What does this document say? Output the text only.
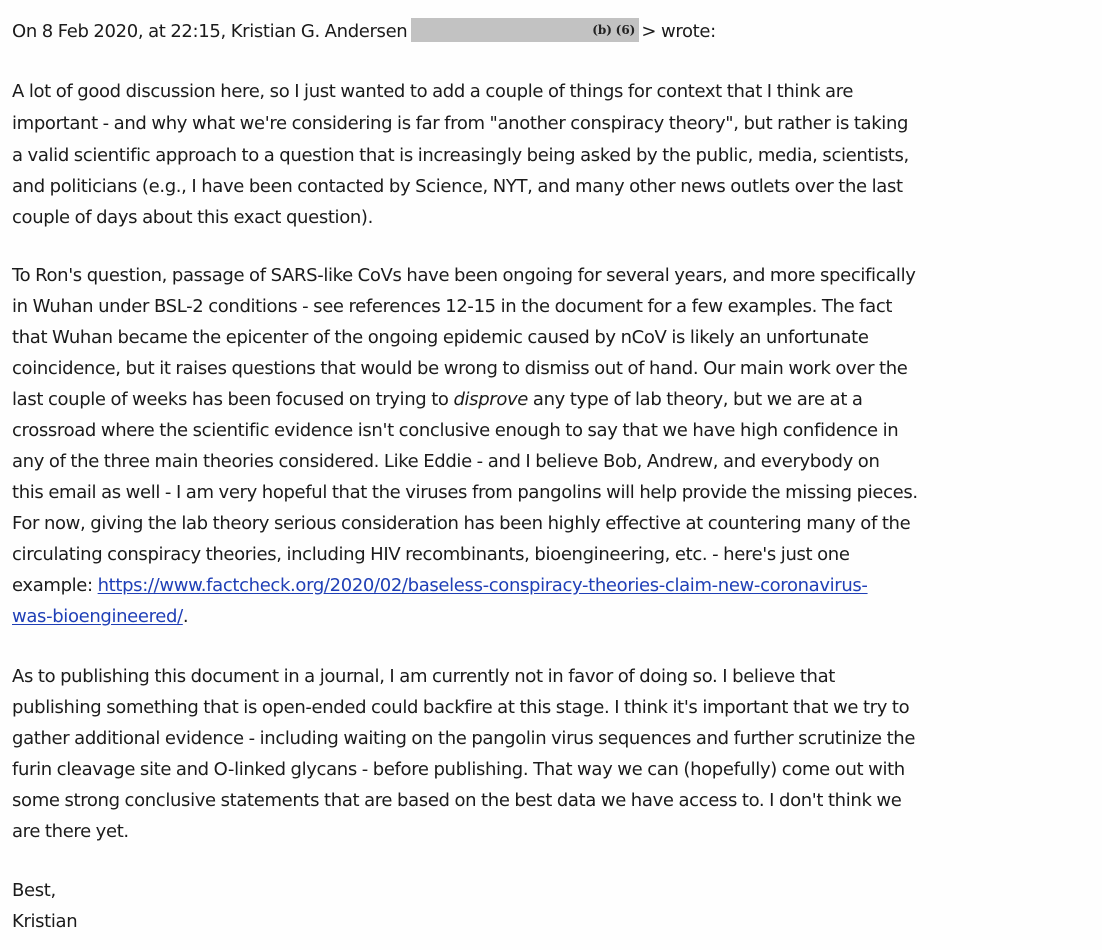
On 8 Feb 2020, at 22:15, Kristian G. Andersen	(b) (6) > wrote:
A lot of good discussion here, so I just wanted to add a couple of things for context that I think are
important - and why what we're considering is far from "another conspiracy theory", but rather is taking
a valid scientific approach to a question that is increasingly being asked by the public, media, scientists,
and politicians (e.g., I have been contacted by Science, NYT, and many other news outlets over the last
couple of days about this exact question).
To Ron's question, passage of SARS-like CoVs have been ongoing for several years, and more specifically
in Wuhan under BSL-2 conditions - see references 12-15 in the document for a few examples. The fact
that Wuhan became the epicenter of the ongoing epidemic caused by nCoV is likely an unfortunate
coincidence, but it raises questions that would be wrong to dismiss out of hand. Our main work over the
last couple of weeks has been focused on trying to disprove any type of lab theory, but we are at a
crossroad where the scientific evidence isn't conclusive enough to say that we have high confidence in
any of the three main theories considered. Like Eddie - and I believe Bob, Andrew, and everybody on
this email as well - I am very hopeful that the viruses from pangolins will help provide the missing pieces.
For now, giving the lab theory serious consideration has been highly effective at countering many of the
circulating conspiracy theories, including HIV recombinants, bioengineering, etc. - here's just one
example: https://www.factcheck.org/2020/02/baseless-conspiracy-theories-claim-new-coronavirus-
was-bioengineered/.
As to publishing this document in a journal, I am currently not in favor of doing so. I believe that
publishing something that is open-ended could backfire at this stage. I think it's important that we try to
gather additional evidence - including waiting on the pangolin virus sequences and further scrutinize the
furin cleavage site and O-linked glycans - before publishing. That way we can (hopefully) come out with
some strong conclusive statements that are based on the best data we have access to. I don't think we
are there yet.
Best,
Kristian
